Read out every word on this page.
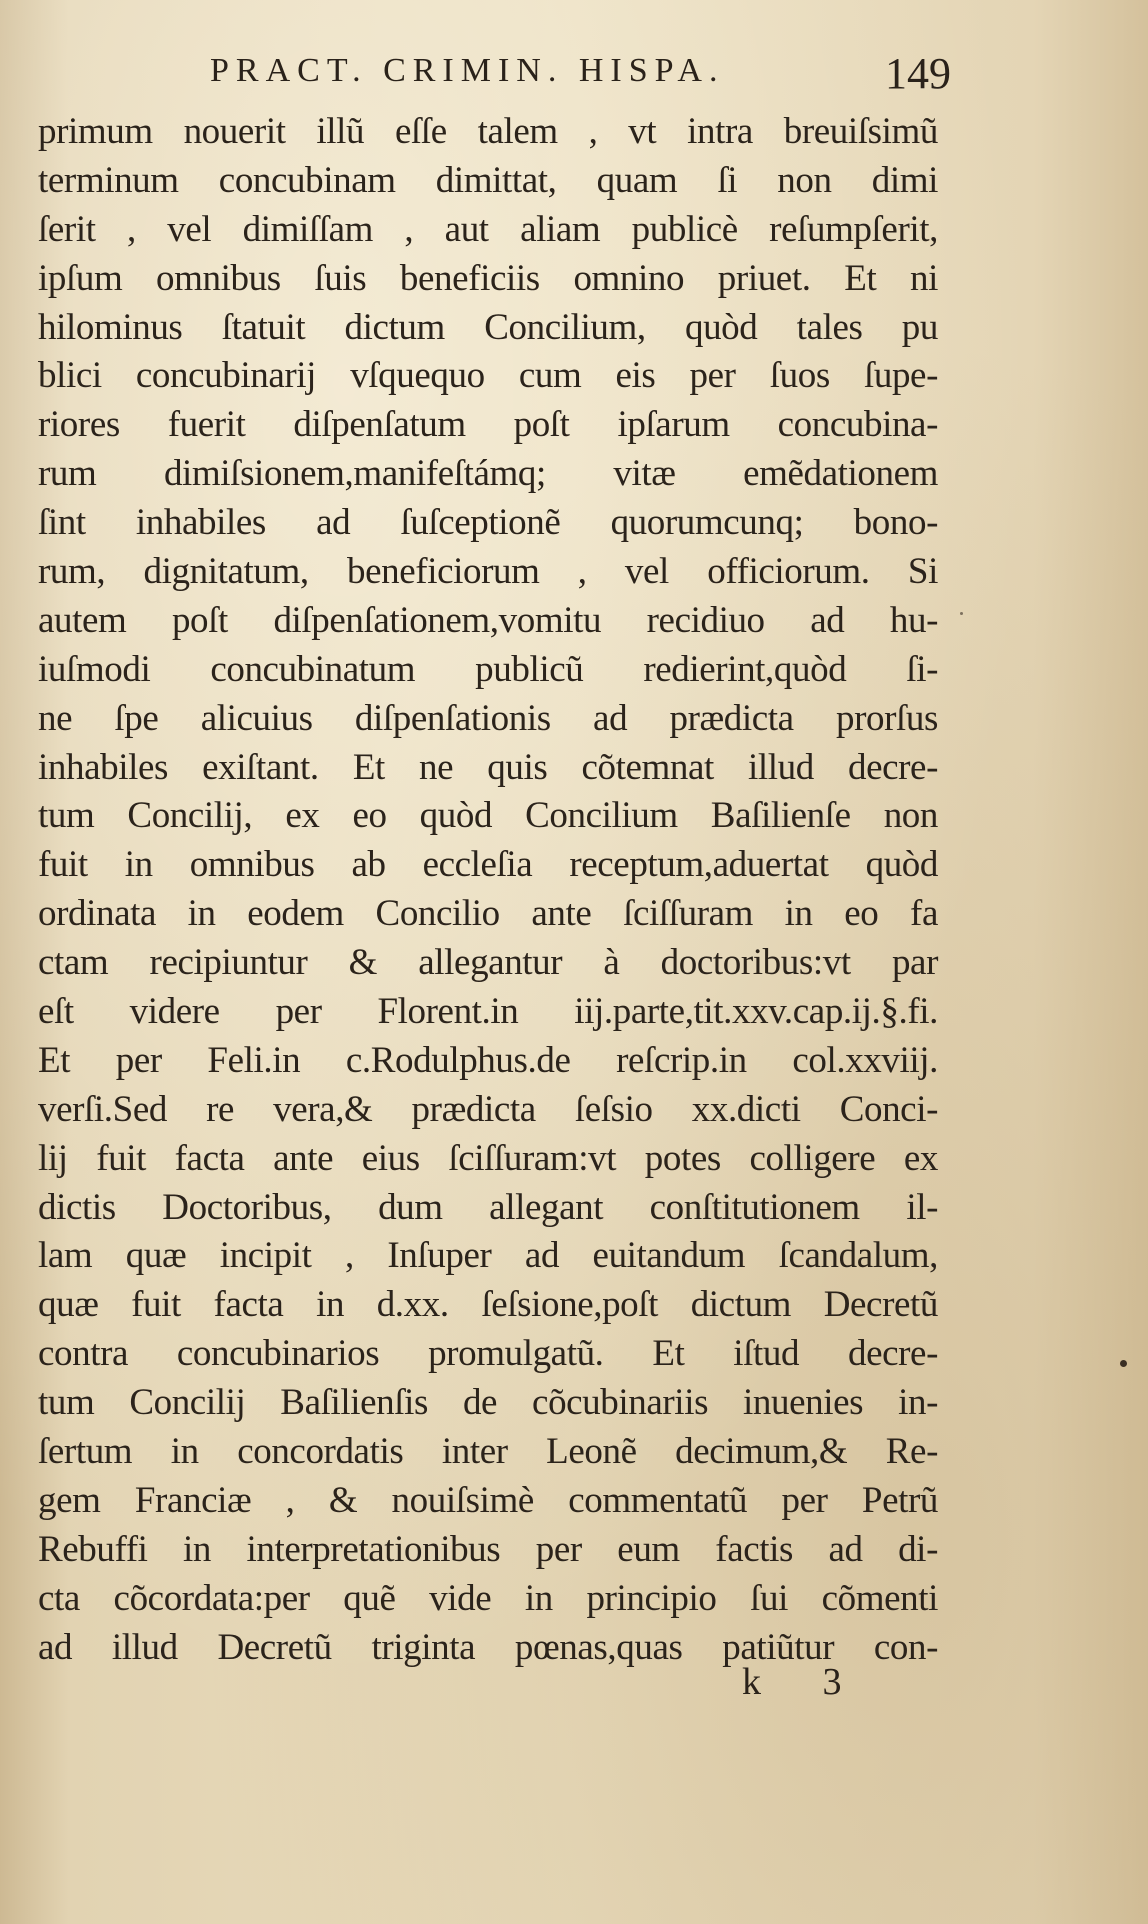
PRACT. CRIMIN. HISPA.	149
primum nouerit illũ eſſe talem , vt intra breuiſsimũ
terminum concubinam dimittat, quam ſi non dimi
ſerit , vel dimiſſam , aut aliam publicè reſumpſerit,
ipſum omnibus ſuis beneficiis omnino priuet. Et ni
hilominus ſtatuit dictum Concilium, quòd tales pu
blici concubinarij vſquequo cum eis per ſuos ſupe-
riores fuerit diſpenſatum poſt ipſarum concubina-
rum dimiſsionem,manifeſtámq; vitæ emẽdationem
ſint inhabiles ad ſuſceptionẽ quorumcunq; bono-
rum, dignitatum, beneficiorum , vel officiorum. Si
autem poſt diſpenſationem,vomitu recidiuo ad hu-
iuſmodi concubinatum publicũ redierint,quòd ſi-
ne ſpe alicuius diſpenſationis ad prædicta prorſus
inhabiles exiſtant. Et ne quis cõtemnat illud decre-
tum Concilij, ex eo quòd Concilium Baſilienſe non
fuit in omnibus ab eccleſia receptum,aduertat quòd
ordinata in eodem Concilio ante ſciſſuram in eo fa
ctam recipiuntur & allegantur à doctoribus:vt par
eſt videre per Florent.in iij.parte,tit.xxv.cap.ij.§.fi.
Et per Feli.in c.Rodulphus.de reſcrip.in col.xxviij.
verſi.Sed re vera,& prædicta ſeſsio xx.dicti Conci-
lij fuit facta ante eius ſciſſuram:vt potes colligere ex
dictis Doctoribus, dum allegant conſtitutionem il-
lam quæ incipit , Inſuper ad euitandum ſcandalum,
quæ fuit facta in d.xx. ſeſsione,poſt dictum Decretũ
contra concubinarios promulgatũ. Et iſtud decre-
tum Concilij Baſilienſis de cõcubinariis inuenies in-
ſertum in concordatis inter Leonẽ decimum,& Re-
gem Franciæ , & nouiſsimè commentatũ per Petrũ
Rebuffi in interpretationibus per eum factis ad di-
cta cõcordata:per quẽ vide in principio ſui cõmenti
ad illud Decretũ triginta pœnas,quas patiũtur con-
k 3
